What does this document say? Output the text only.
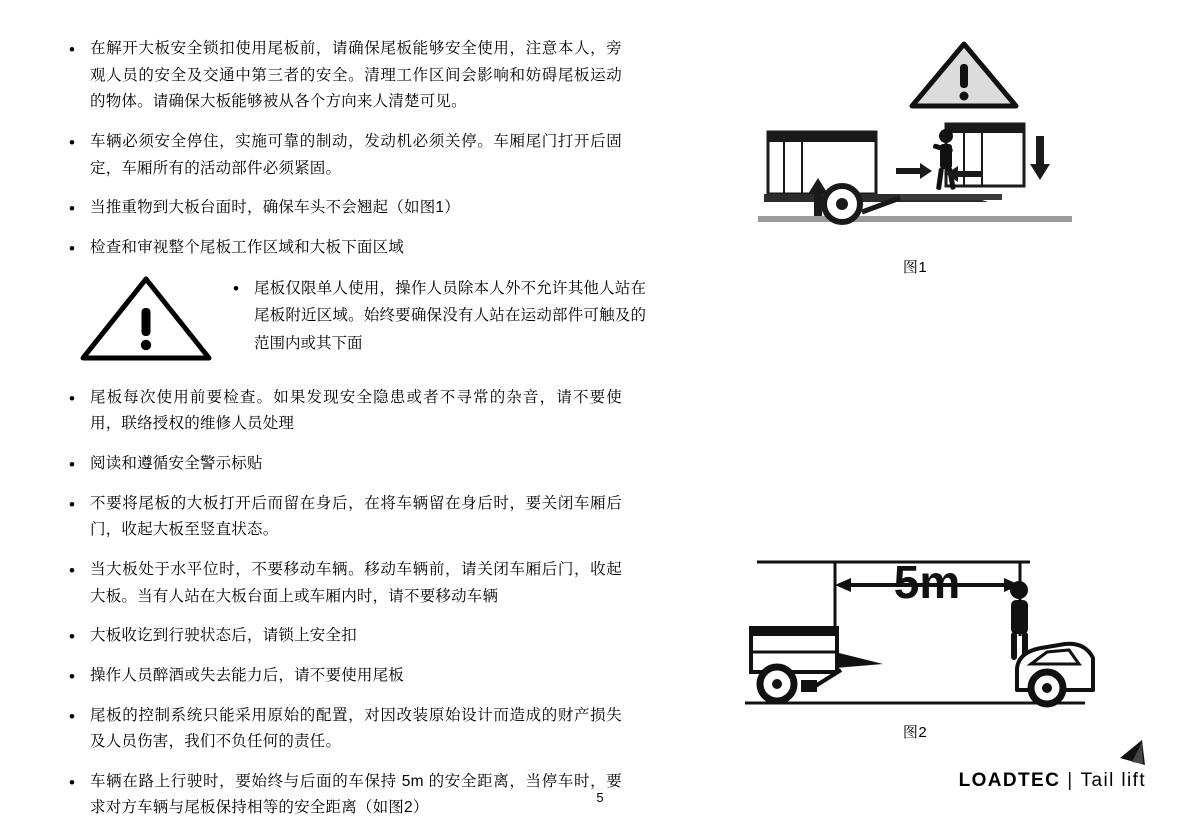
• 在解开大板安全锁扣使用尾板前，请确保尾板能够安全使用，注意本人，旁观人员的安全及交通中第三者的安全。清理工作区间会影响和妨碍尾板运动的物体。请确保大板能够被从各个方向来人清楚可见。
• 车辆必须安全停住，实施可靠的制动，发动机必须关停。车厢尾门打开后固定，车厢所有的活动部件必须紧固。
• 当推重物到大板台面时，确保车头不会翘起（如图1）
• 检查和审视整个尾板工作区域和大板下面区域
• 尾板仅限单人使用，操作人员除本人外不允许其他人站在尾板附近区域。始终要确保没有人站在运动部件可触及的范围内或其下面
• 尾板每次使用前要检查。如果发现安全隐患或者不寻常的杂音，请不要使用，联络授权的维修人员处理
• 阅读和遵循安全警示标贴
• 不要将尾板的大板打开后而留在身后，在将车辆留在身后时，要关闭车厢后门，收起大板至竖直状态。
• 当大板处于水平位时，不要移动车辆。移动车辆前，请关闭车厢后门，收起大板。当有人站在大板台面上或车厢内时，请不要移动车辆
• 大板收讫到行驶状态后，请锁上安全扣
• 操作人员醉酒或失去能力后，请不要使用尾板
• 尾板的控制系统只能采用原始的配置，对因改装原始设计而造成的财产损失及人员伤害，我们不负任何的责任。
• 车辆在路上行驶时，要始终与后面的车保持 5m 的安全距离，当停车时，要求对方车辆与尾板保持相等的安全距离（如图2）
图1
5m
图2
5
LOADTEC | Tail lift
